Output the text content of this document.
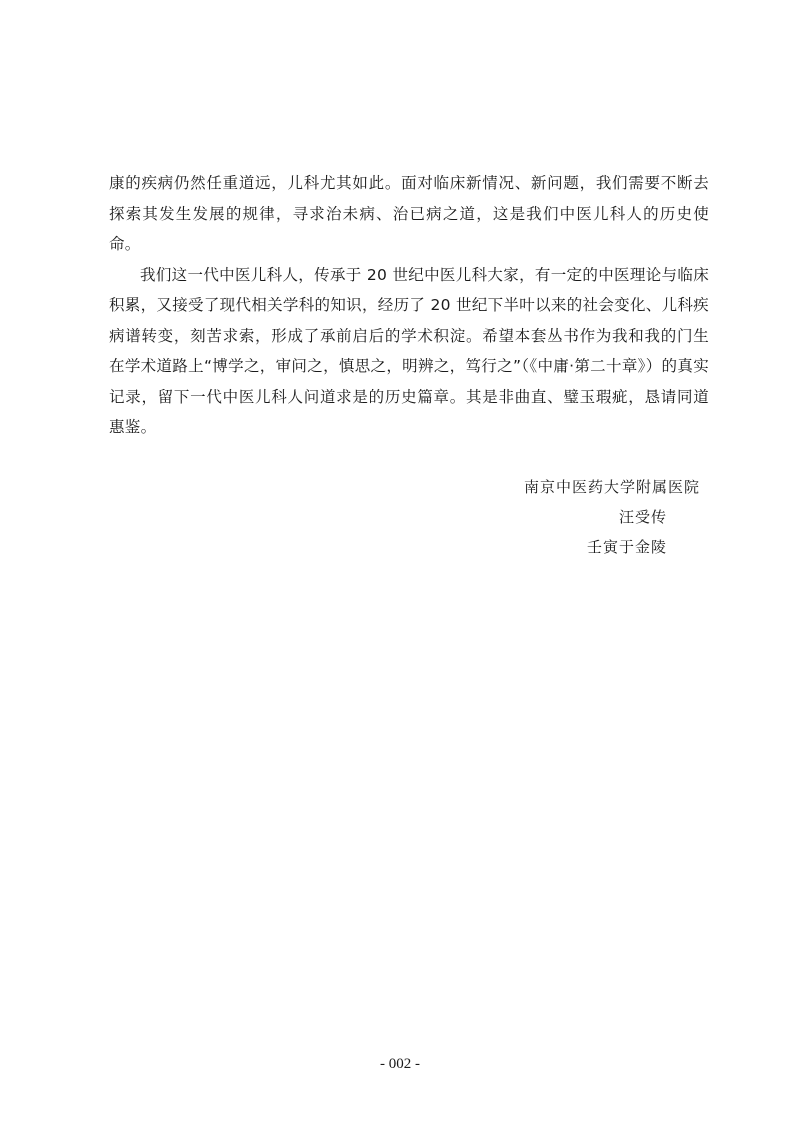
康的疾病仍然任重道远，儿科尤其如此。面对临床新情况、新问题，我们需要不断去探索其发生发展的规律，寻求治未病、治已病之道，这是我们中医儿科人的历史使命。

我们这一代中医儿科人，传承于 20 世纪中医儿科大家，有一定的中医理论与临床积累，又接受了现代相关学科的知识，经历了 20 世纪下半叶以来的社会变化、儿科疾病谱转变，刻苦求索，形成了承前启后的学术积淀。希望本套丛书作为我和我的门生在学术道路上“博学之，审问之，慎思之，明辨之，笃行之”（《中庸·第二十章》）的真实记录，留下一代中医儿科人问道求是的历史篇章。其是非曲直、璧玉瑕疵，恳请同道惠鉴。

南京中医药大学附属医院
汪受传
壬寅于金陵
- 002 -
